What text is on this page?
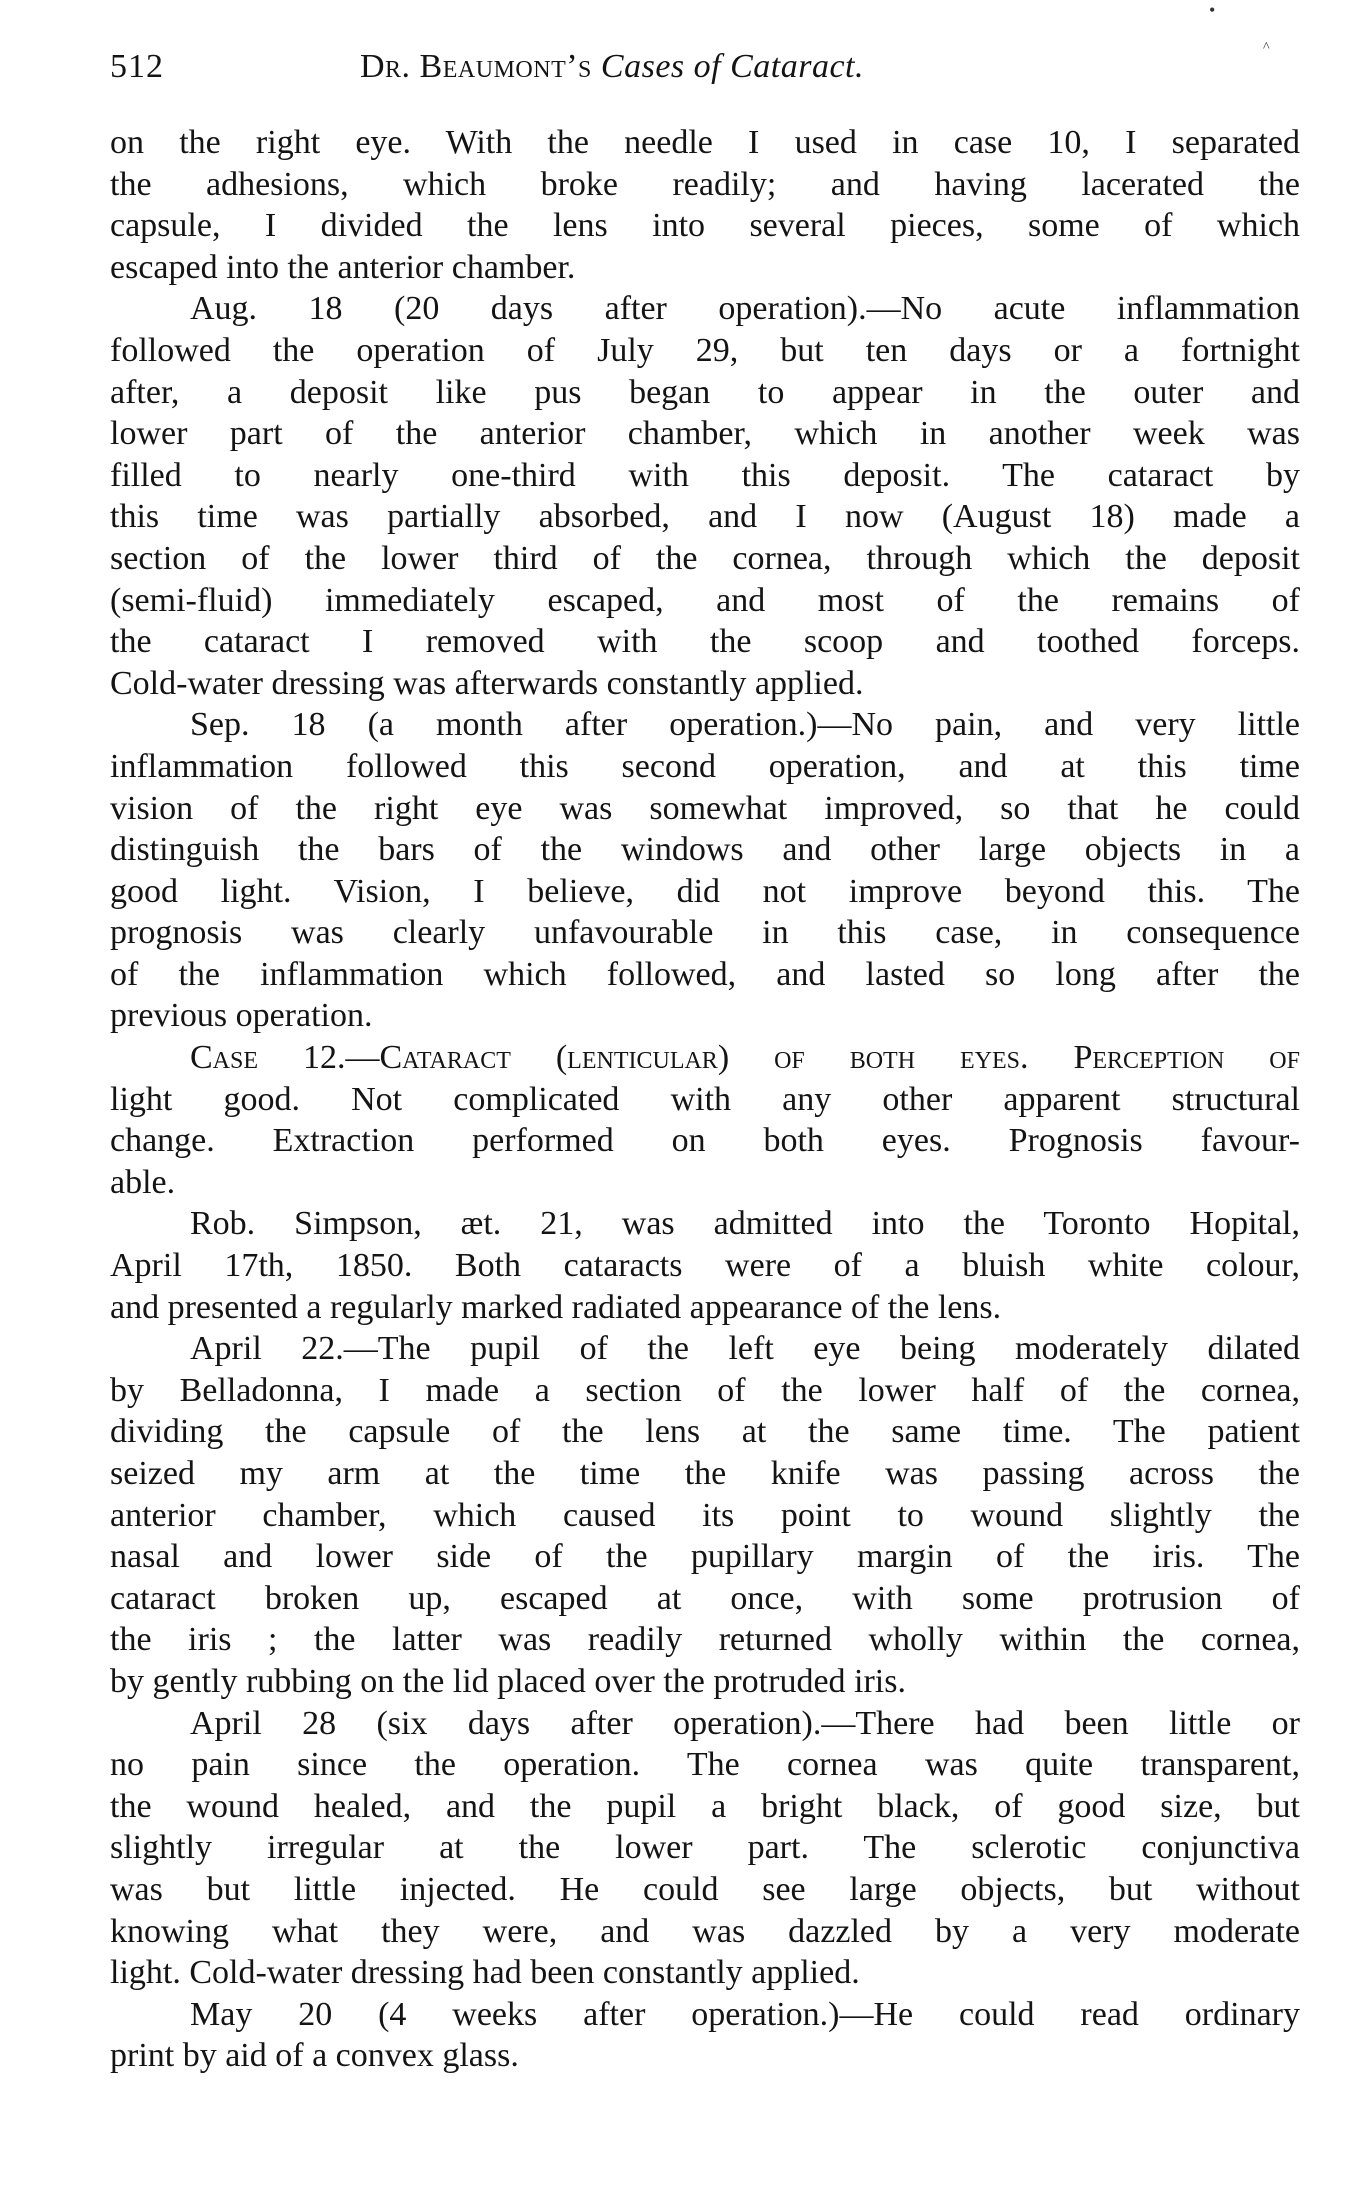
•
^
512	Dr. Beaumont’s Cases of Cataract.
on the right eye. With the needle I used in case 10, I separated
the adhesions, which broke readily; and having lacerated the
capsule, I divided the lens into several pieces, some of which
escaped into the anterior chamber.
Aug. 18 (20 days after operation).—No acute inflammation
followed the operation of July 29, but ten days or a fortnight
after, a deposit like pus began to appear in the outer and
lower part of the anterior chamber, which in another week was
filled to nearly one-third with this deposit. The cataract by
this time was partially absorbed, and I now (August 18) made a
section of the lower third of the cornea, through which the deposit
(semi-fluid) immediately escaped, and most of the remains of
the cataract I removed with the scoop and toothed forceps.
Cold-water dressing was afterwards constantly applied.
Sep. 18 (a month after operation.)—No pain, and very little
inflammation followed this second operation, and at this time
vision of the right eye was somewhat improved, so that he could
distinguish the bars of the windows and other large objects in a
good light. Vision, I believe, did not improve beyond this. The
prognosis was clearly unfavourable in this case, in consequence
of the inflammation which followed, and lasted so long after the
previous operation.
Case 12.—Cataract (lenticular) of both eyes. Perception of
light good. Not complicated with any other apparent structural
change. Extraction performed on both eyes. Prognosis favour-
able.
Rob. Simpson, æt. 21, was admitted into the Toronto Hopital,
April 17th, 1850. Both cataracts were of a bluish white colour,
and presented a regularly marked radiated appearance of the lens.
April 22.—The pupil of the left eye being moderately dilated
by Belladonna, I made a section of the lower half of the cornea,
dividing the capsule of the lens at the same time. The patient
seized my arm at the time the knife was passing across the
anterior chamber, which caused its point to wound slightly the
nasal and lower side of the pupillary margin of the iris. The
cataract broken up, escaped at once, with some protrusion of
the iris ; the latter was readily returned wholly within the cornea,
by gently rubbing on the lid placed over the protruded iris.
April 28 (six days after operation).—There had been little or
no pain since the operation. The cornea was quite transparent,
the wound healed, and the pupil a bright black, of good size, but
slightly irregular at the lower part. The sclerotic conjunctiva
was but little injected. He could see large objects, but without
knowing what they were, and was dazzled by a very moderate
light. Cold-water dressing had been constantly applied.
May 20 (4 weeks after operation.)—He could read ordinary
print by aid of a convex glass.
